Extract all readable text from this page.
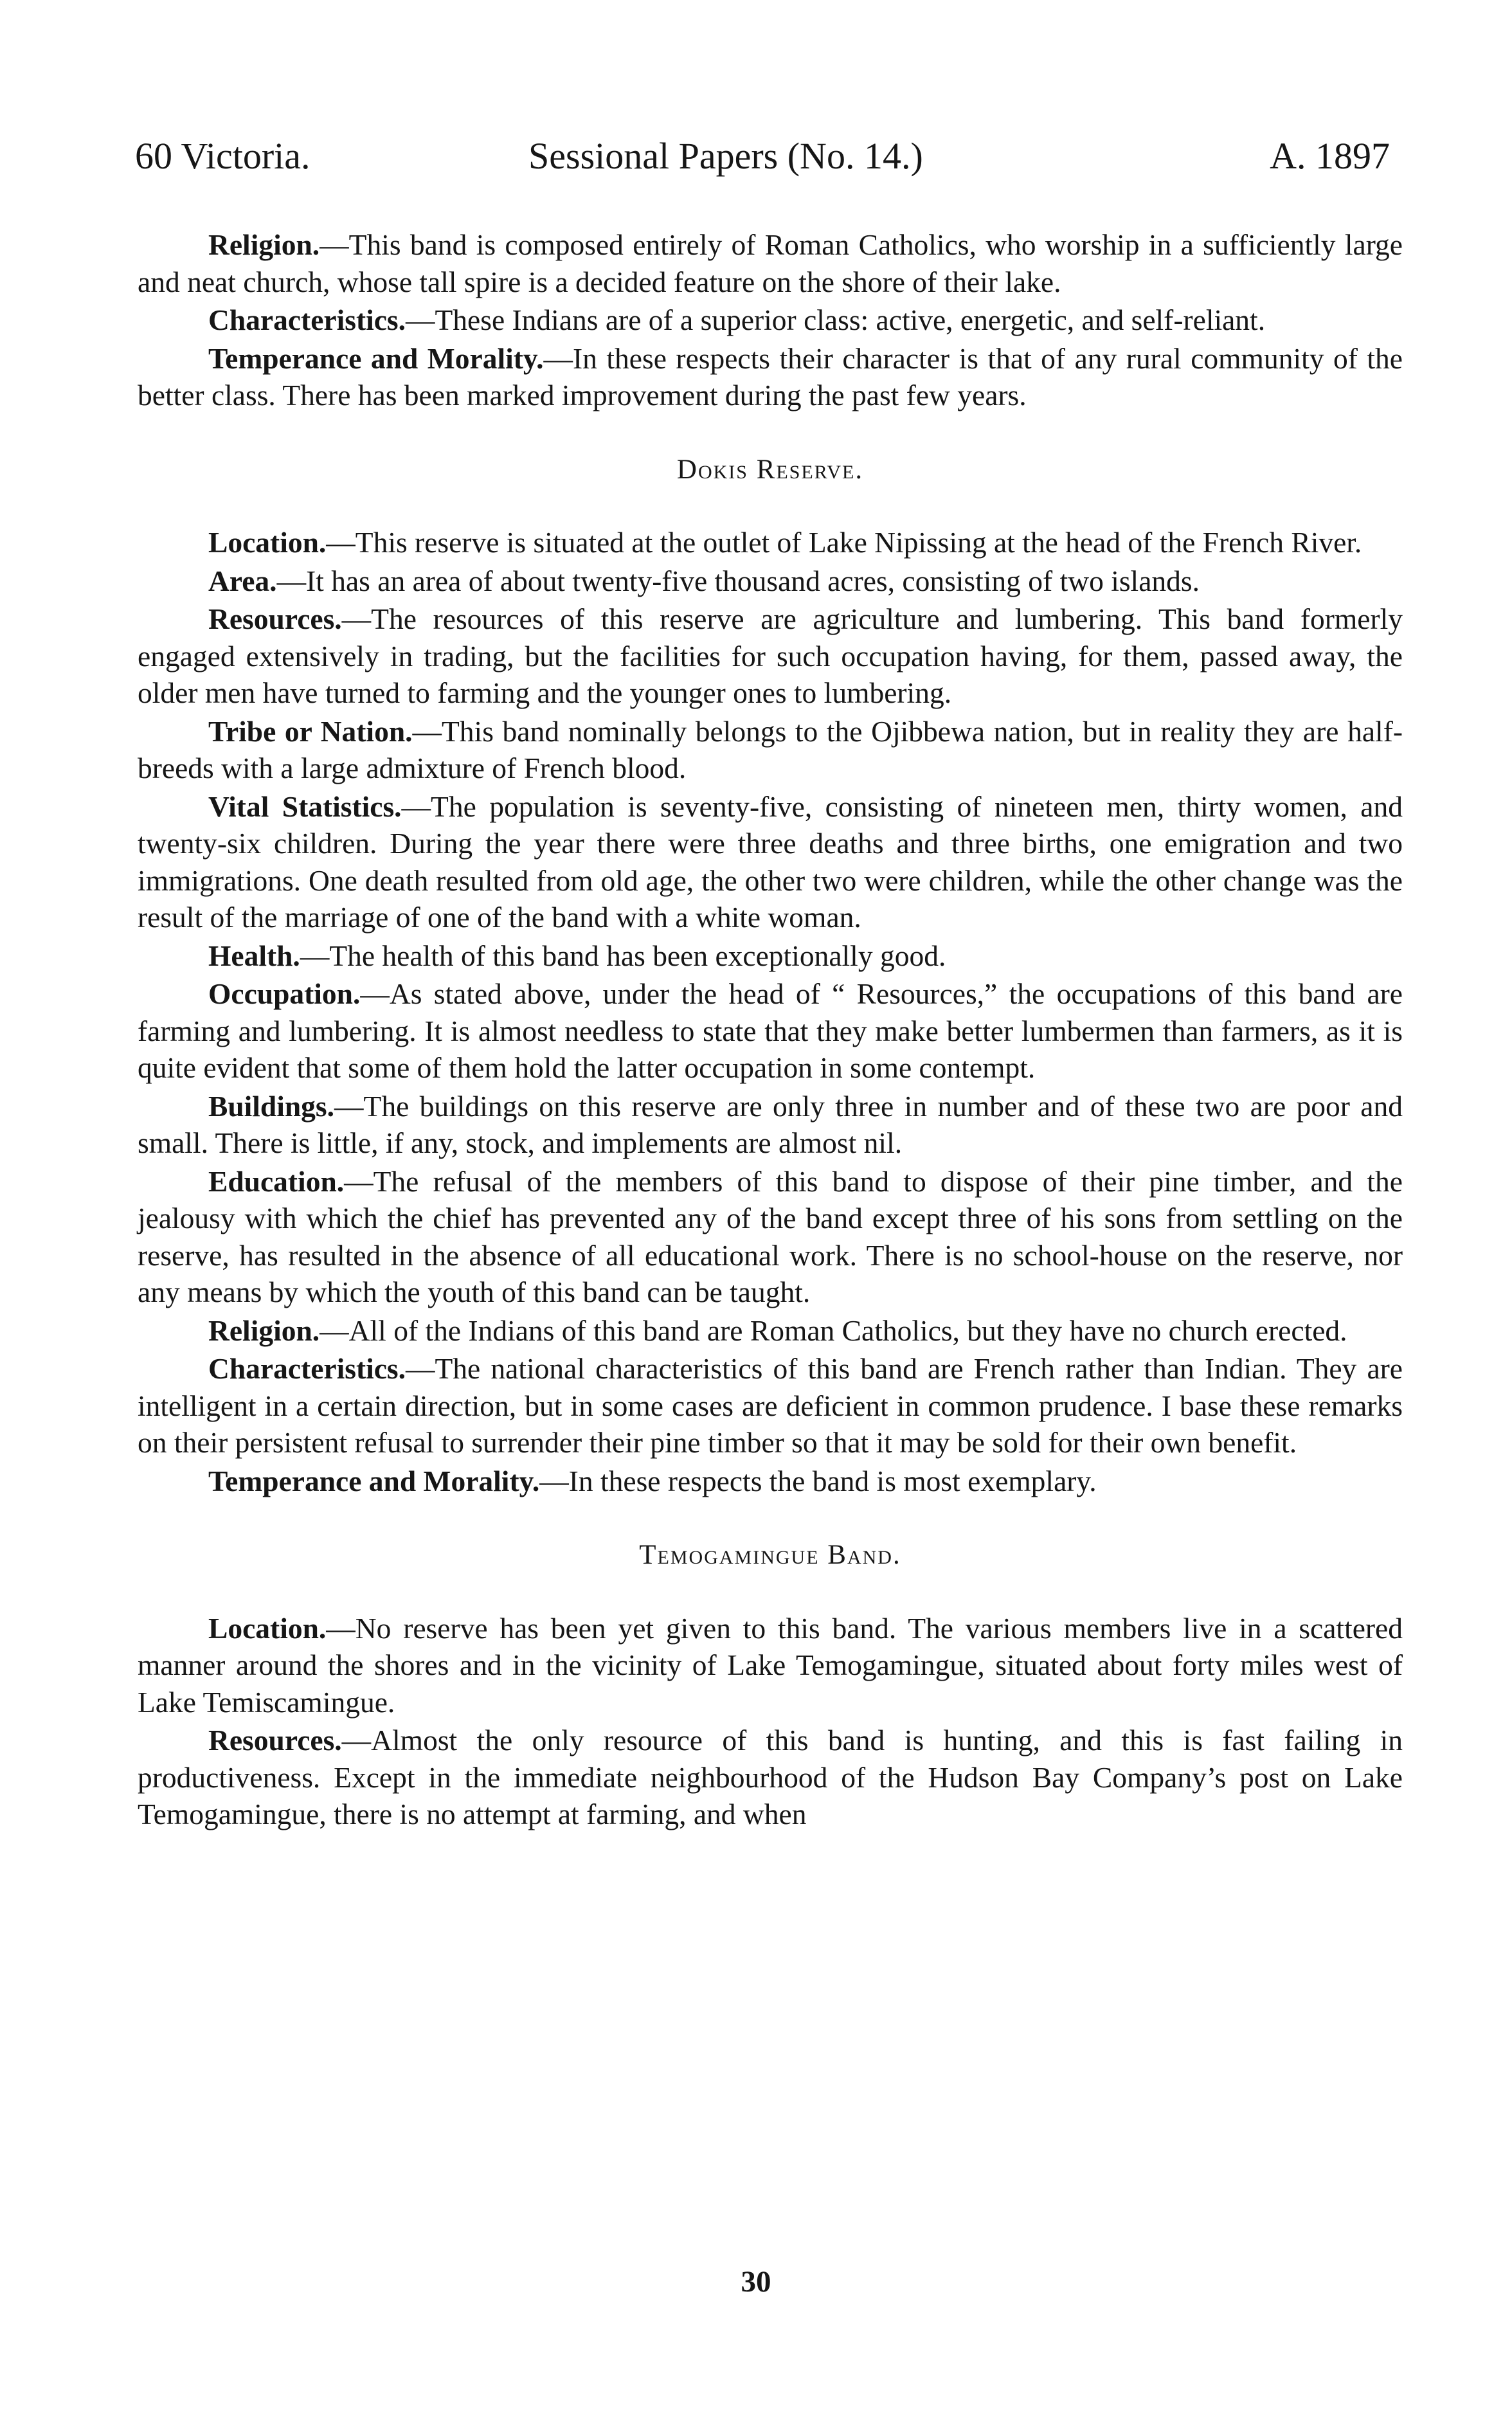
60 Victoria.	Sessional Papers (No. 14.)	A. 1897

Religion.—This band is composed entirely of Roman Catholics, who worship in a sufficiently large and neat church, whose tall spire is a decided feature on the shore of their lake.

Characteristics.—These Indians are of a superior class: active, energetic, and self-reliant.

Temperance and Morality.—In these respects their character is that of any rural community of the better class. There has been marked improvement during the past few years.

Dokis Reserve.

Location.—This reserve is situated at the outlet of Lake Nipissing at the head of the French River.

Area.—It has an area of about twenty-five thousand acres, consisting of two islands.

Resources.—The resources of this reserve are agriculture and lumbering. This band formerly engaged extensively in trading, but the facilities for such occupation having, for them, passed away, the older men have turned to farming and the younger ones to lumbering.

Tribe or Nation.—This band nominally belongs to the Ojibbewa nation, but in reality they are half-breeds with a large admixture of French blood.

Vital Statistics.—The population is seventy-five, consisting of nineteen men, thirty women, and twenty-six children. During the year there were three deaths and three births, one emigration and two immigrations. One death resulted from old age, the other two were children, while the other change was the result of the marriage of one of the band with a white woman.

Health.—The health of this band has been exceptionally good.

Occupation.—As stated above, under the head of “ Resources,” the occupations of this band are farming and lumbering. It is almost needless to state that they make better lumbermen than farmers, as it is quite evident that some of them hold the latter occupation in some contempt.

Buildings.—The buildings on this reserve are only three in number and of these two are poor and small. There is little, if any, stock, and implements are almost nil.

Education.—The refusal of the members of this band to dispose of their pine timber, and the jealousy with which the chief has prevented any of the band except three of his sons from settling on the reserve, has resulted in the absence of all educational work. There is no school-house on the reserve, nor any means by which the youth of this band can be taught.

Religion.—All of the Indians of this band are Roman Catholics, but they have no church erected.

Characteristics.—The national characteristics of this band are French rather than Indian. They are intelligent in a certain direction, but in some cases are deficient in common prudence. I base these remarks on their persistent refusal to surrender their pine timber so that it may be sold for their own benefit.

Temperance and Morality.—In these respects the band is most exemplary.

Temogamingue Band.

Location.—No reserve has been yet given to this band. The various members live in a scattered manner around the shores and in the vicinity of Lake Temogamingue, situated about forty miles west of Lake Temiscamingue.

Resources.—Almost the only resource of this band is hunting, and this is fast failing in productiveness. Except in the immediate neighbourhood of the Hudson Bay Company’s post on Lake Temogamingue, there is no attempt at farming, and when

30
